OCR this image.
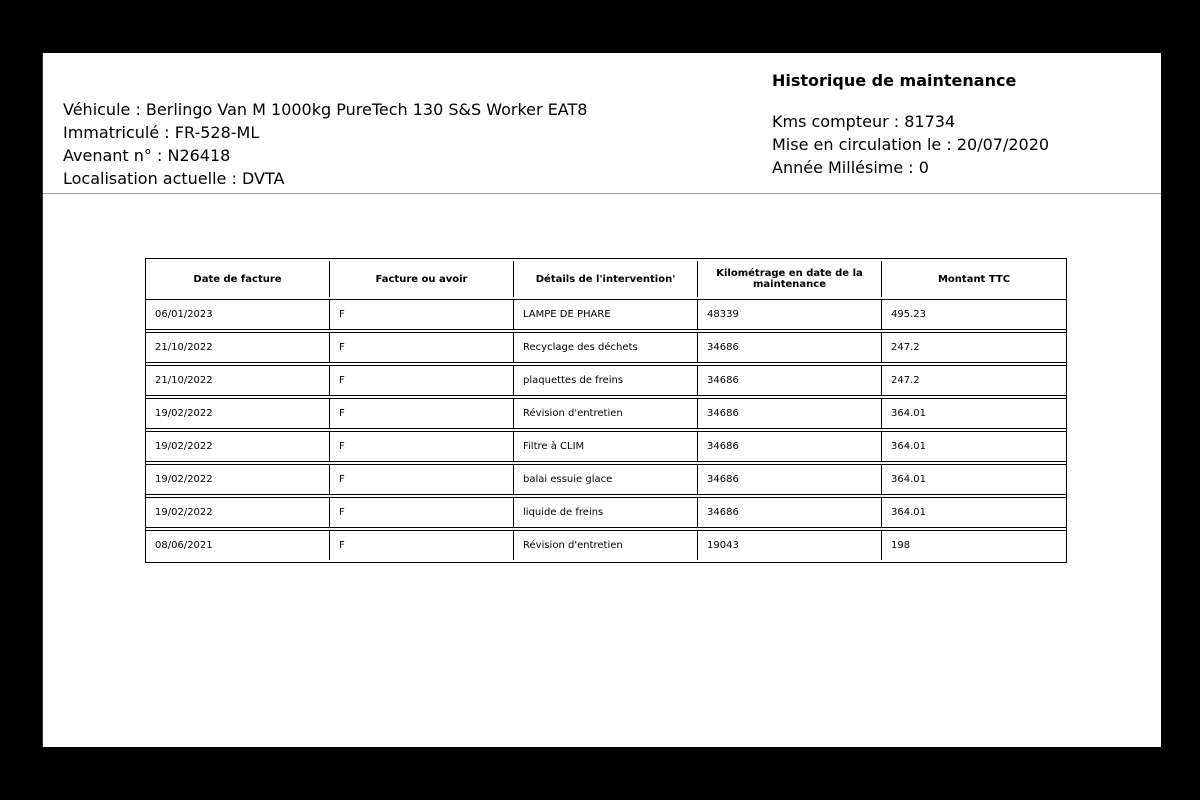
Véhicule : Berlingo Van M 1000kg PureTech 130 S&S Worker EAT8
Immatriculé : FR-528-ML
Avenant n° : N26418
Localisation actuelle : DVTA
Historique de maintenance
Kms compteur : 81734
Mise en circulation le : 20/07/2020
Année Millésime : 0
Date de facture	Facture ou avoir	Détails de l'intervention'	Kilométrage en date de la maintenance	Montant TTC
06/01/2023	F	LAMPE DE PHARE	48339	495.23
21/10/2022	F	Recyclage des déchets	34686	247.2
21/10/2022	F	plaquettes de freins	34686	247.2
19/02/2022	F	Révision d'entretien	34686	364.01
19/02/2022	F	Filtre à CLIM	34686	364.01
19/02/2022	F	balai essuie glace	34686	364.01
19/02/2022	F	liquide de freins	34686	364.01
08/06/2021	F	Révision d'entretien	19043	198
